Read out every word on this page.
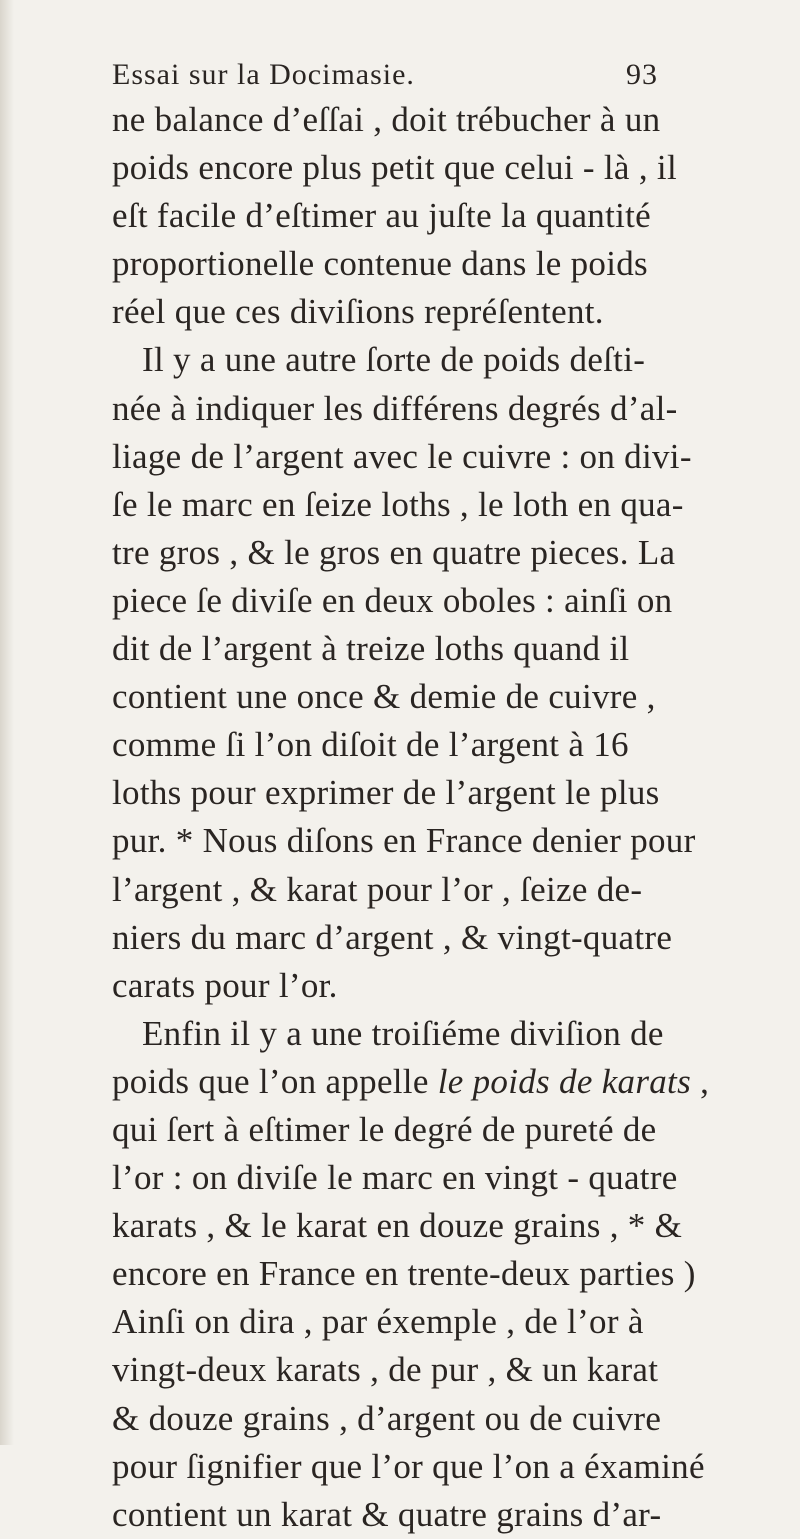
Essai sur la Docimasie.	93
ne balance d’eſſai , doit trébucher à un
poids encore plus petit que celui - là , il
eſt facile d’eſtimer au juſte la quantité
proportionelle contenue dans le poids
réel que ces diviſions repréſentent.
Il y a une autre ſorte de poids deſti-
née à indiquer les différens degrés d’al-
liage de l’argent avec le cuivre : on divi-
ſe le marc en ſeize loths , le loth en qua-
tre gros , & le gros en quatre pieces. La
piece ſe diviſe en deux oboles : ainſi on
dit de l’argent à treize loths quand il
contient une once & demie de cuivre ,
comme ſi l’on diſoit de l’argent à 16
loths pour exprimer de l’argent le plus
pur. * Nous diſons en France denier pour
l’argent , & karat pour l’or , ſeize de-
niers du marc d’argent , & vingt-quatre
carats pour l’or.
Enfin il y a une troiſiéme diviſion de
poids que l’on appelle le poids de karats ,
qui ſert à eſtimer le degré de pureté de
l’or : on diviſe le marc en vingt - quatre
karats , & le karat en douze grains , * &
encore en France en trente-deux parties )
Ainſi on dira , par éxemple , de l’or à
vingt-deux karats , de pur , & un karat
& douze grains , d’argent ou de cuivre
pour ſignifier que l’or que l’on a éxaminé
contient un karat & quatre grains d’ar-
